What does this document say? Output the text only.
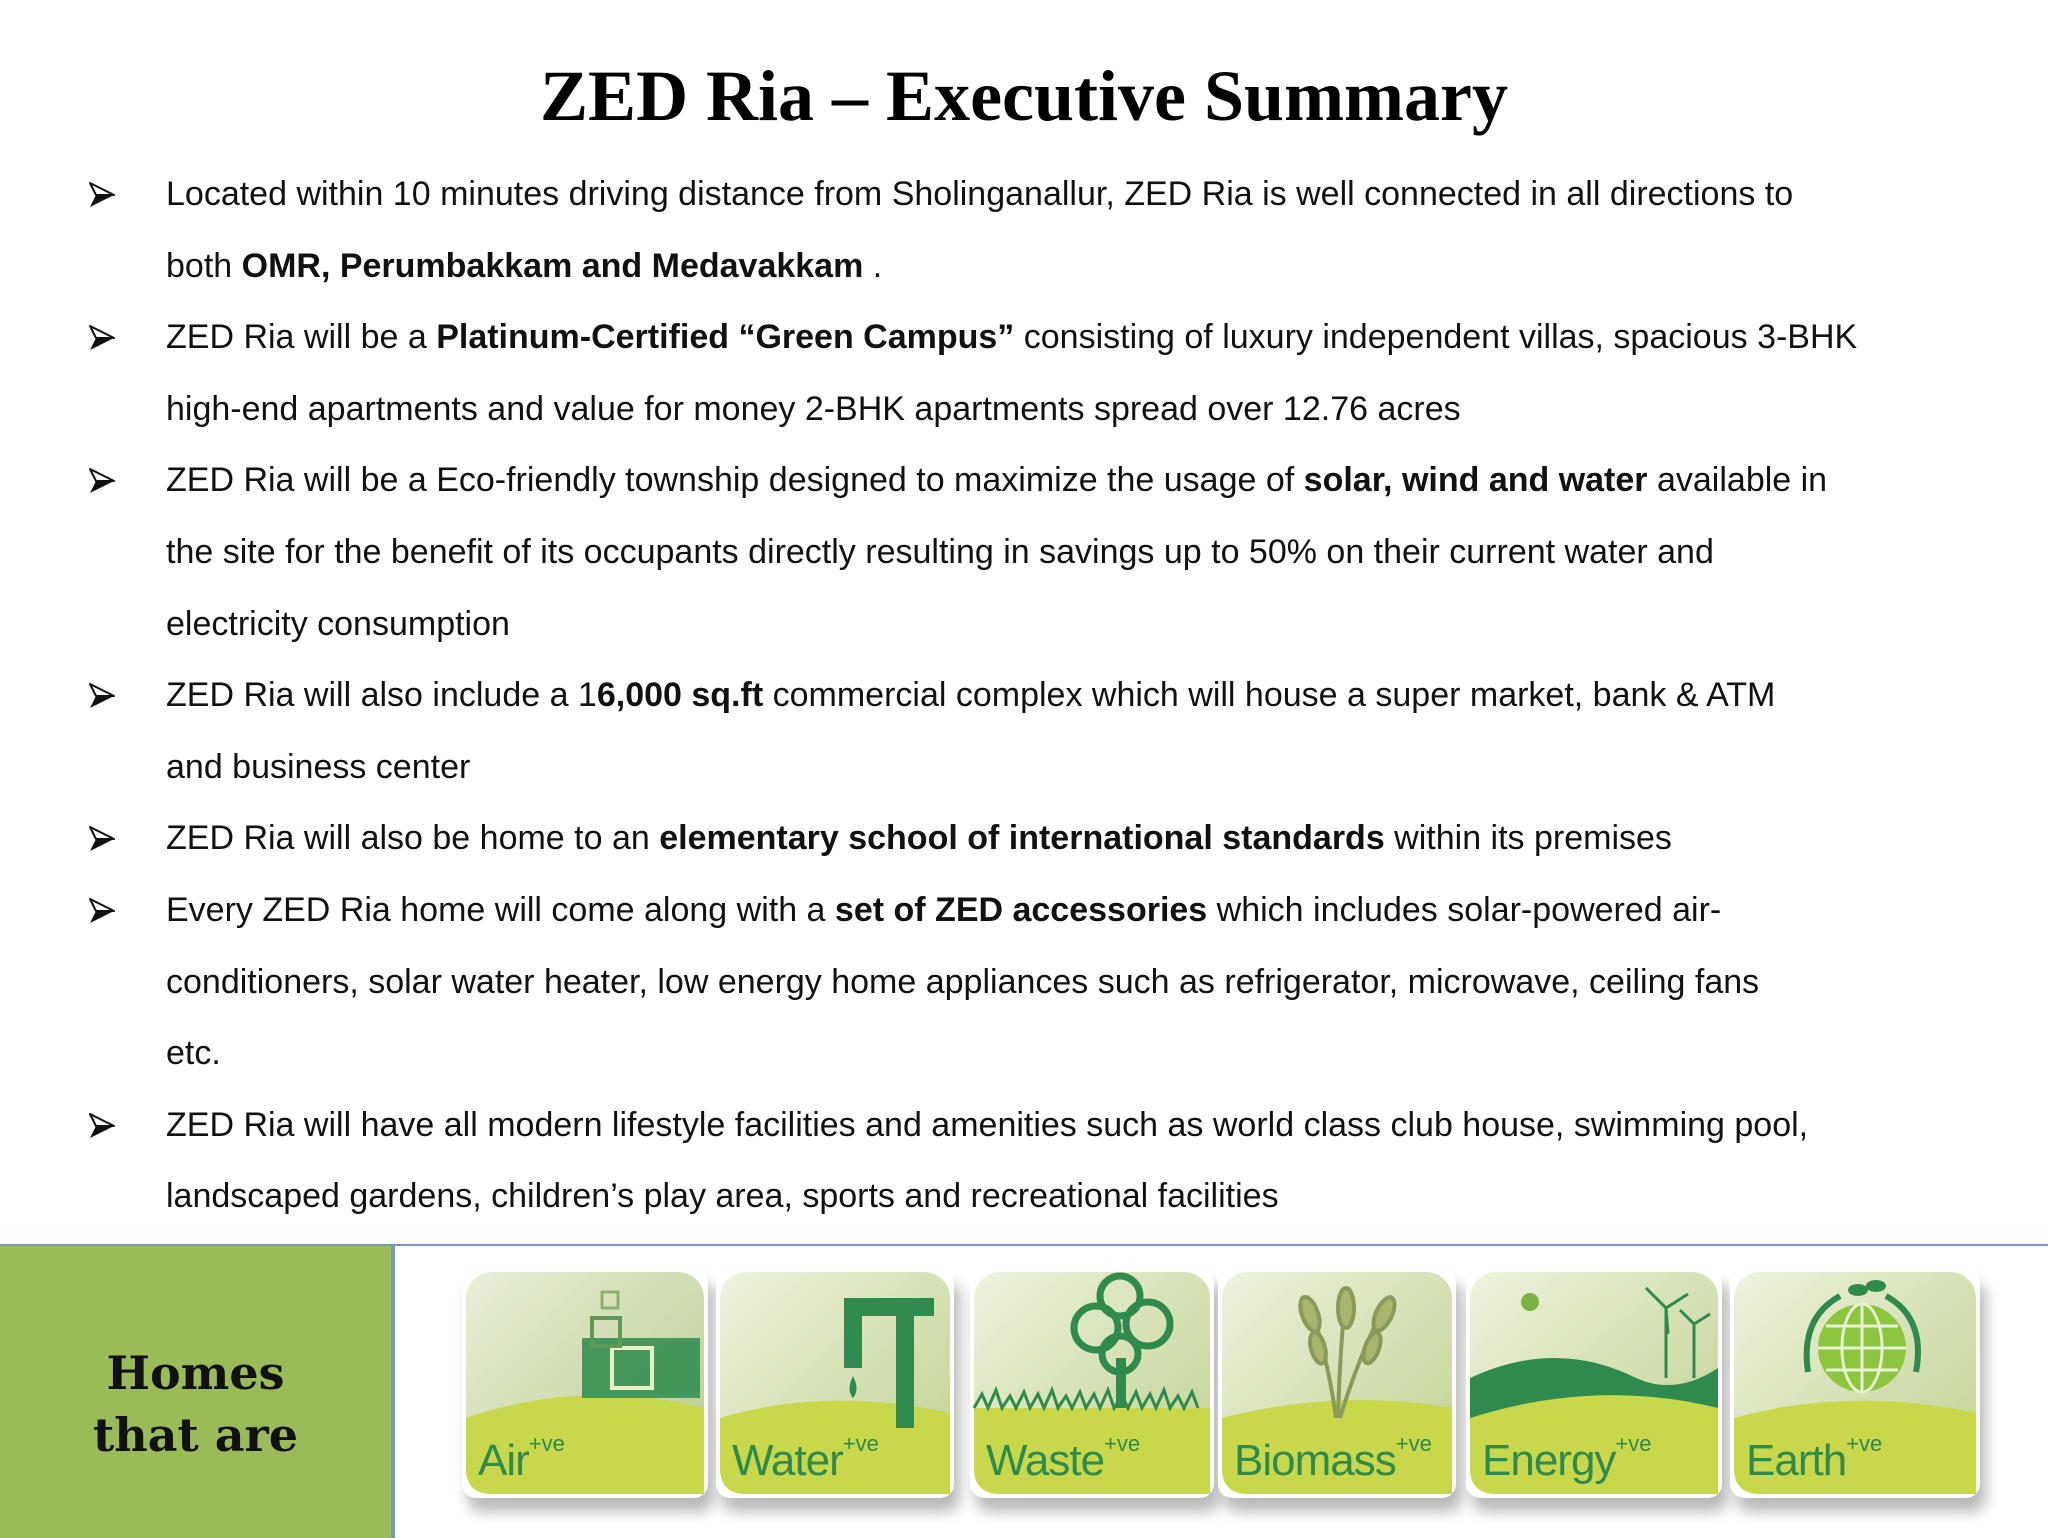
ZED Ria – Executive Summary
Located within 10 minutes driving distance from Sholinganallur, ZED Ria is well connected in all directions to
both OMR, Perumbakkam and Medavakkam .
ZED Ria will be a Platinum-Certified “Green Campus” consisting of luxury independent villas, spacious 3-BHK
high-end apartments and value for money 2-BHK apartments spread over 12.76 acres
ZED Ria will be a Eco-friendly township designed to maximize the usage of solar, wind and water available in
the site for the benefit of its occupants directly resulting in savings up to 50% on their current water and
electricity consumption
ZED Ria will also include a 16,000 sq.ft commercial complex which will house a super market, bank & ATM
and business center
ZED Ria will also be home to an elementary school of international standards within its premises
Every ZED Ria home will come along with a set of ZED accessories which includes solar-powered air-
conditioners, solar water heater, low energy home appliances such as refrigerator, microwave, ceiling fans
etc.
ZED Ria will have all modern lifestyle facilities and amenities such as world class club house, swimming pool,
landscaped gardens, children’s play area, sports and recreational facilities
Homes
that are	Air$^{+ve}$	Water$^{+ve}$ Waste$^{+ve}$ Biomass$^{+ve}$ Energy$^{+ve}$ Earth$^{+ve}$
